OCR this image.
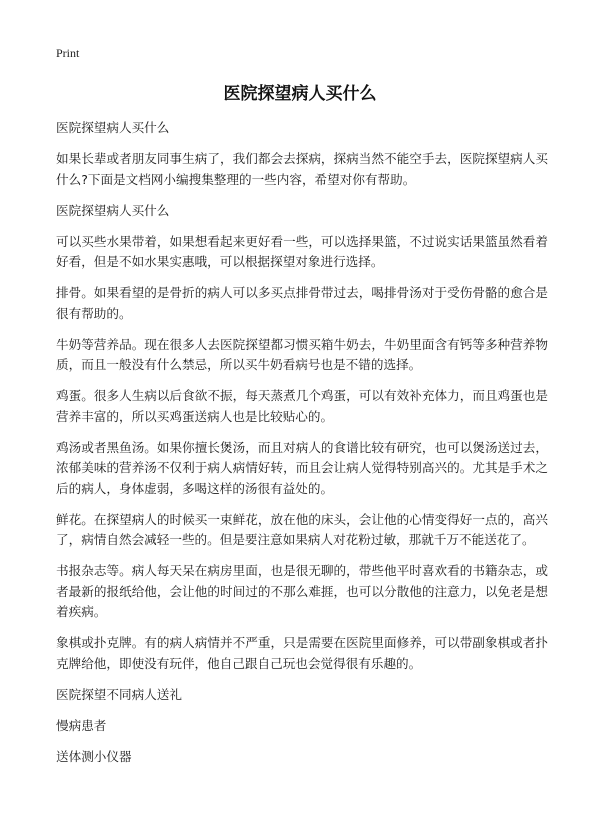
Print
医院探望病人买什么

医院探望病人买什么

如果长辈或者朋友同事生病了，我们都会去探病，探病当然不能空手去，医院探望病人买什么?下面是文档网小编搜集整理的一些内容，希望对你有帮助。

医院探望病人买什么

可以买些水果带着，如果想看起来更好看一些，可以选择果篮，不过说实话果篮虽然看着好看，但是不如水果实惠哦，可以根据探望对象进行选择。

排骨。如果看望的是骨折的病人可以多买点排骨带过去，喝排骨汤对于受伤骨骼的愈合是很有帮助的。

牛奶等营养品。现在很多人去医院探望都习惯买箱牛奶去，牛奶里面含有钙等多种营养物质，而且一般没有什么禁忌，所以买牛奶看病号也是不错的选择。

鸡蛋。很多人生病以后食欲不振，每天蒸煮几个鸡蛋，可以有效补充体力，而且鸡蛋也是营养丰富的，所以买鸡蛋送病人也是比较贴心的。

鸡汤或者黑鱼汤。如果你擅长煲汤，而且对病人的食谱比较有研究，也可以煲汤送过去，浓郁美味的营养汤不仅利于病人病情好转，而且会让病人觉得特别高兴的。尤其是手术之后的病人，身体虚弱，多喝这样的汤很有益处的。

鲜花。在探望病人的时候买一束鲜花，放在他的床头，会让他的心情变得好一点的，高兴了，病情自然会减轻一些的。但是要注意如果病人对花粉过敏，那就千万不能送花了。

书报杂志等。病人每天呆在病房里面，也是很无聊的，带些他平时喜欢看的书籍杂志，或者最新的报纸给他，会让他的时间过的不那么难捱，也可以分散他的注意力，以免老是想着疾病。

象棋或扑克牌。有的病人病情并不严重，只是需要在医院里面修养，可以带副象棋或者扑克牌给他，即使没有玩伴，他自己跟自己玩也会觉得很有乐趣的。

医院探望不同病人送礼

慢病患者

送体测小仪器
